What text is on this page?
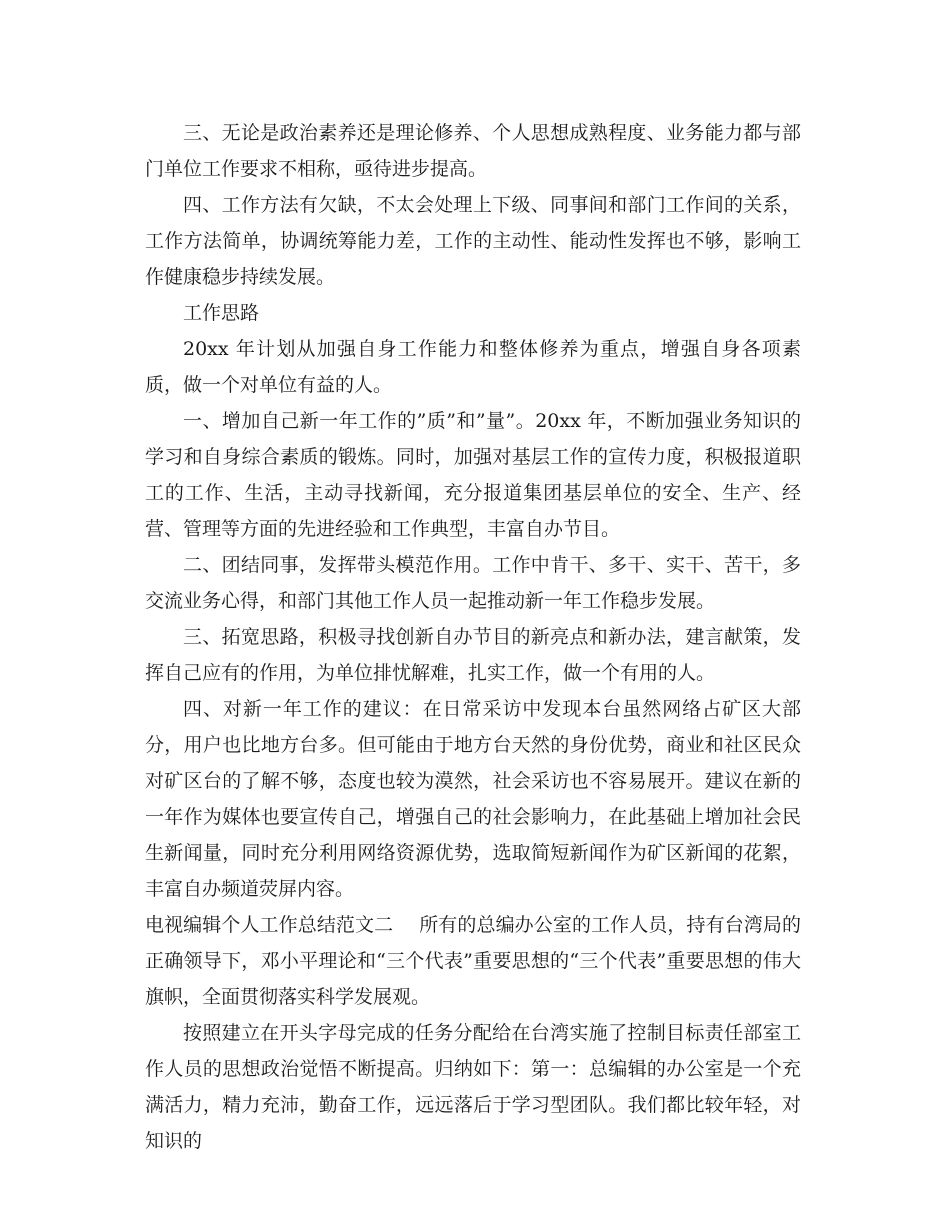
三、无论是政治素养还是理论修养、个人思想成熟程度、业务能力都与部门单位工作要求不相称，亟待进步提高。

四、工作方法有欠缺，不太会处理上下级、同事间和部门工作间的关系，工作方法简单，协调统筹能力差，工作的主动性、能动性发挥也不够，影响工作健康稳步持续发展。

工作思路

20xx 年计划从加强自身工作能力和整体修养为重点，增强自身各项素质，做一个对单位有益的人。

一、增加自己新一年工作的”质”和”量”。20xx 年，不断加强业务知识的学习和自身综合素质的锻炼。同时，加强对基层工作的宣传力度，积极报道职工的工作、生活，主动寻找新闻，充分报道集团基层单位的安全、生产、经营、管理等方面的先进经验和工作典型，丰富自办节目。

二、团结同事，发挥带头模范作用。工作中肯干、多干、实干、苦干，多交流业务心得，和部门其他工作人员一起推动新一年工作稳步发展。

三、拓宽思路，积极寻找创新自办节目的新亮点和新办法，建言献策，发挥自己应有的作用，为单位排忧解难，扎实工作，做一个有用的人。

四、对新一年工作的建议：在日常采访中发现本台虽然网络占矿区大部分，用户也比地方台多。但可能由于地方台天然的身份优势，商业和社区民众对矿区台的了解不够，态度也较为漠然，社会采访也不容易展开。建议在新的一年作为媒体也要宣传自己，增强自己的社会影响力，在此基础上增加社会民生新闻量，同时充分利用网络资源优势，选取简短新闻作为矿区新闻的花絮，丰富自办频道荧屏内容。

电视编辑个人工作总结范文二 所有的总编办公室的工作人员，持有台湾局的正确领导下，邓小平理论和“三个代表”重要思想的“三个代表”重要思想的伟大旗帜，全面贯彻落实科学发展观。

按照建立在开头字母完成的任务分配给在台湾实施了控制目标责任部室工作人员的思想政治觉悟不断提高。归纳如下：第一：总编辑的办公室是一个充满活力，精力充沛，勤奋工作，远远落后于学习型团队。我们都比较年轻，对知识的
